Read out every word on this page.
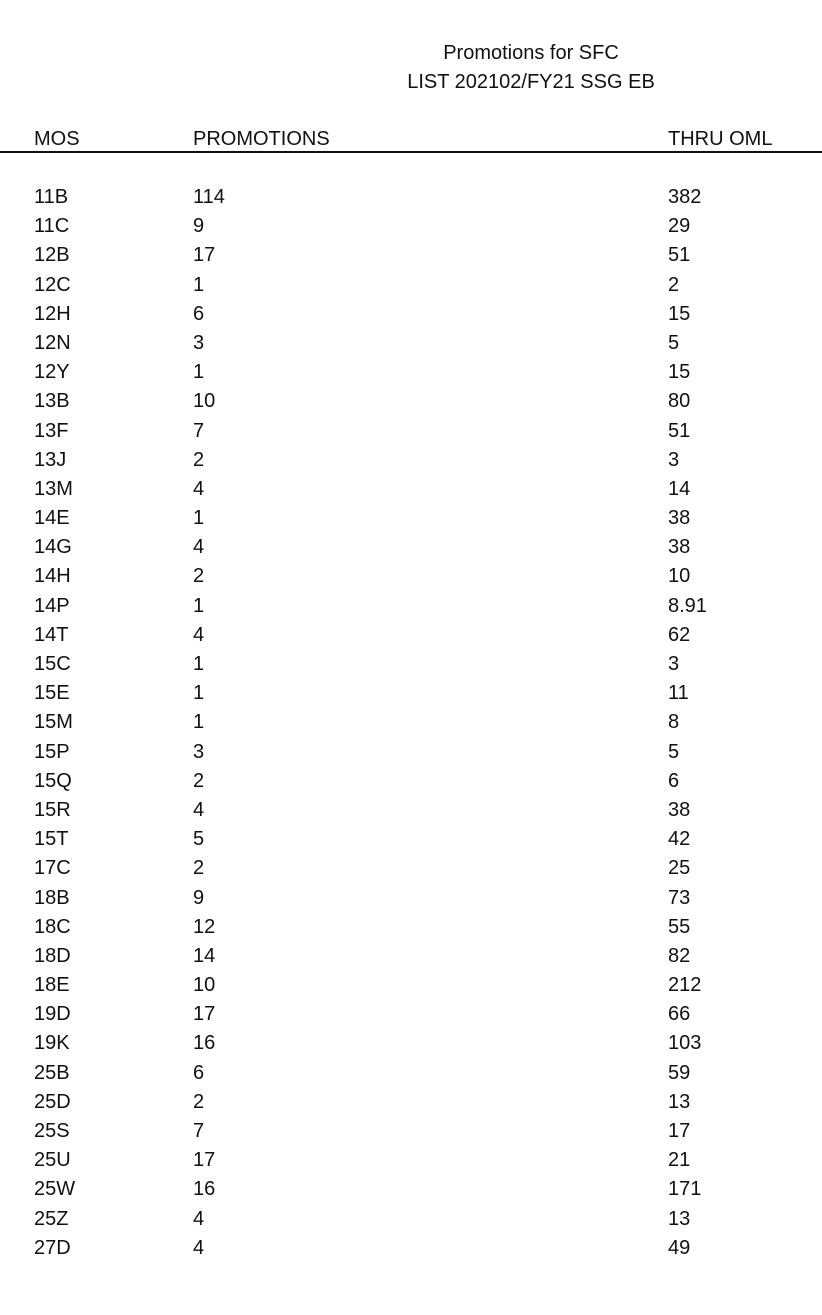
Promotions for SFC
LIST 202102/FY21 SSG EB
MOS	PROMOTIONS	THRU OML
11B	114	382
11C	9	29
12B	17	51
12C	1	2
12H	6	15
12N	3	5
12Y	1	15
13B	10	80
13F	7	51
13J	2	3
13M	4	14
14E	1	38
14G	4	38
14H	2	10
14P	1	8.91
14T	4	62
15C	1	3
15E	1	11
15M	1	8
15P	3	5
15Q	2	6
15R	4	38
15T	5	42
17C	2	25
18B	9	73
18C	12	55
18D	14	82
18E	10	212
19D	17	66
19K	16	103
25B	6	59
25D	2	13
25S	7	17
25U	17	21
25W	16	171
25Z	4	13
27D	4	49
